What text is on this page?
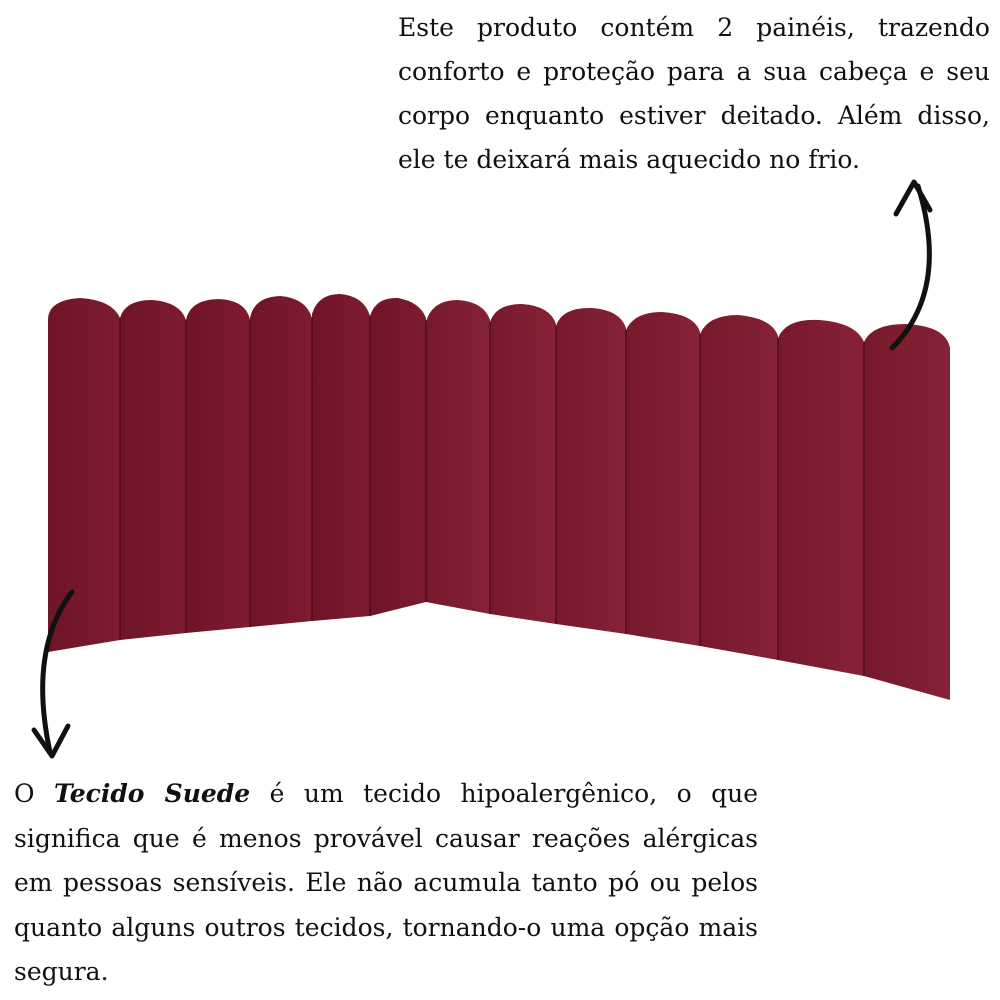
Este produto contém 2 painéis, trazendo conforto e proteção para a sua cabeça e seu corpo enquanto estiver deitado. Além disso, ele te deixará mais aquecido no frio.

O Tecido Suede é um tecido hipoalergênico, o que significa que é menos provável causar reações alérgicas em pessoas sensíveis. Ele não acumula tanto pó ou pelos quanto alguns outros tecidos, tornando-o uma opção mais segura.
